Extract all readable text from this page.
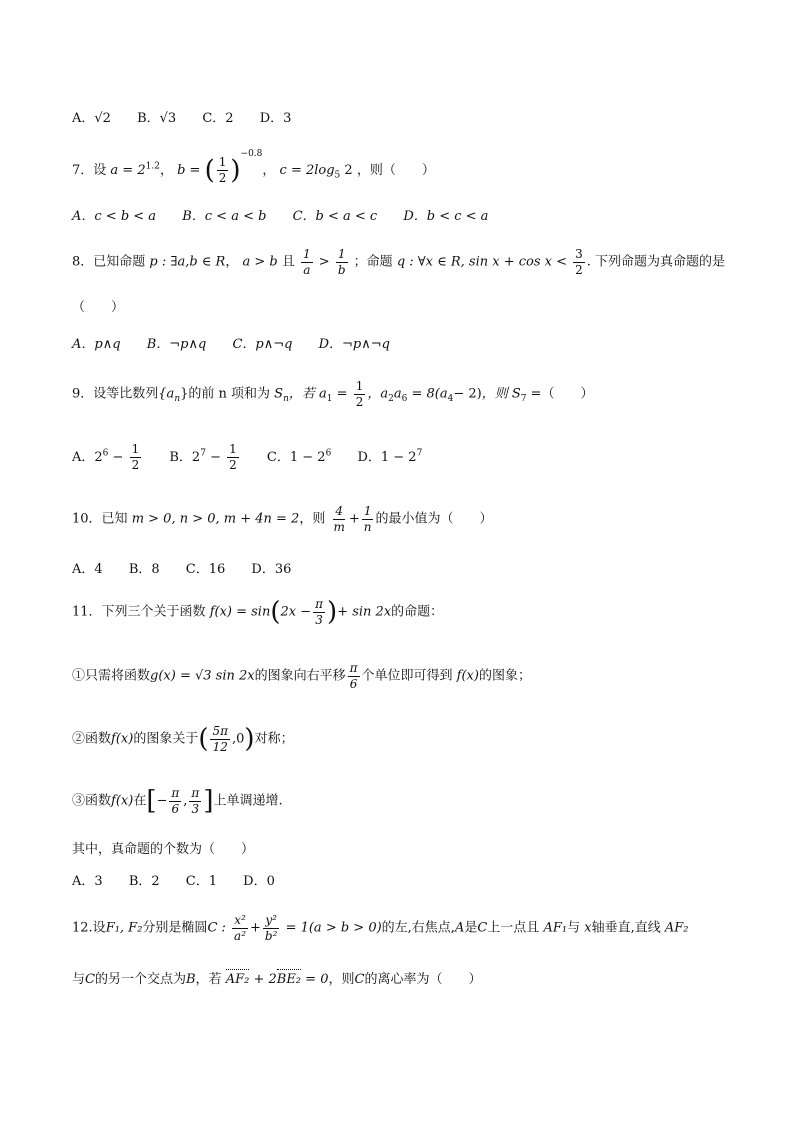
A．√2 B．√3 C．2 D．3
7．设 $a = 2^{1.2}$， b = ( $\frac{1}{2} )^{-0.8}$， $c = 2\log_5$ 2 ，则（　　）
A．c < b < a B．c < a < b C．b < a < c D．b < c < a
8．已知命题 p : ∃a,b ∈ R， a > b 且 $\frac{1}{a} > \frac{1}{b}$ ；命题 q : ∀x ∈ R, $\sin x + \cos x < \frac{3}{2}$ . 下列命题为真命题的是
（　　）
A．p∧q B．¬p∧q C．p∧¬q D．¬p∧¬q
9．设等比数列$\{a_n\}$的前 n 项和为 $S_n$，若 $a_1 = \frac{1}{2}$ ，$a_2a_6 = 8(a_4- 2)$，则 $S_7$ =（　　）
A．$2^6 - \frac{1}{2}$ B．$2^7 - \frac{1}{2}$ C．$1 - 2^6$ D．$1 - 2^7$
10．已知 m > 0, n > 0, m + 4n = 2，则 $\frac{4}{m} + \frac{1}{n}$ 的最小值为（　　）
A．4 B．8 C．16 D．36
11．下列三个关于函数 $f(x) = \sin(2x - \frac{\pi}{3}$ )+ sin 2x的命题：
①只需将函数g(x) = √3 sin 2x的图象向右平移 $\frac{\pi}{6}$ 个单位即可得到 f(x)的图象；
②函数f(x)的图象关于( $\frac{5\pi}{12} ,0$)对称；
③函数f(x)在[− $\frac{\pi}{6}$ , $\frac{\pi}{3}$ ]上单调递增.
其中，真命题的个数为（　　）
A．3 B．2 C．1 D．0
12.设F₁, F₂分别是椭圆C : $\frac{\text{x²}}{\text{a²}} + \frac{\text{y²}}{\text{b²}} = 1(a > b > 0)$的左,右焦点,A是C上一点且 AF₁与 x轴垂直,直线 AF₂
与C的另一个交点为B，若 AF₂ + 2BE₂ = 0，则C的离心率为（　　）
